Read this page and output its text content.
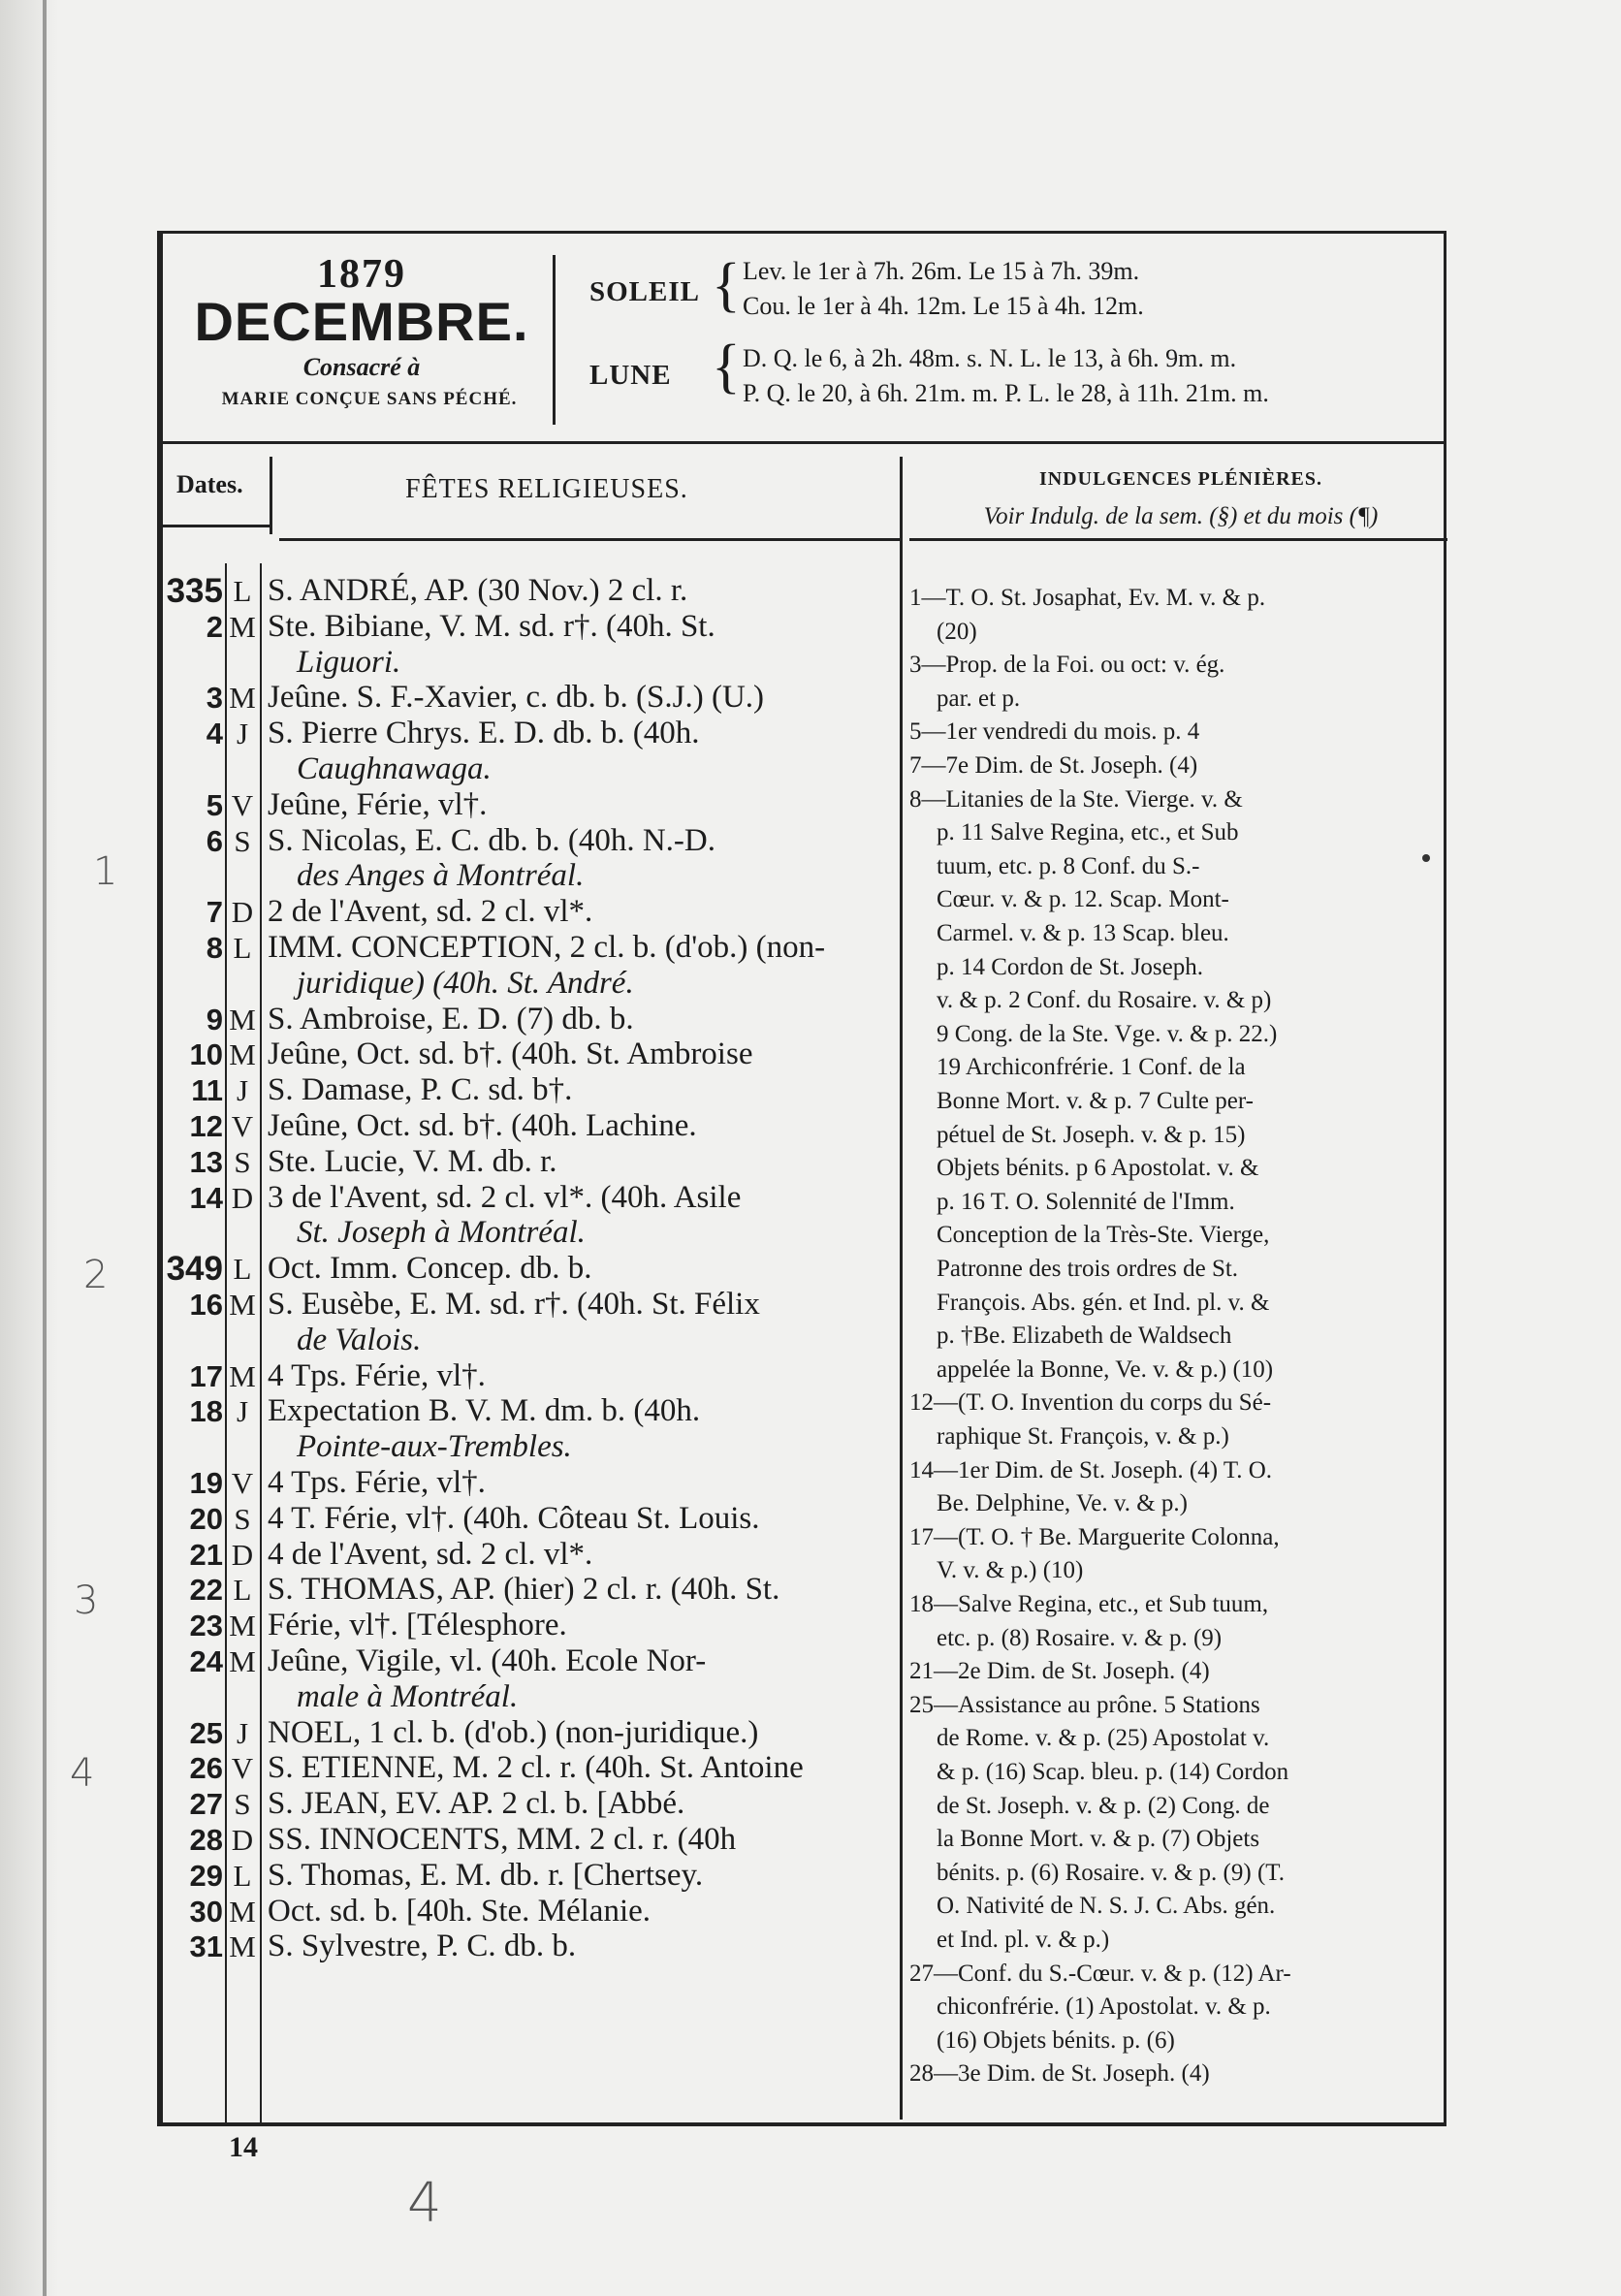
1879
DECEMBRE.
Consacré à
MARIE CONÇUE SANS PÉCHÉ.
SOLEIL { Lev. le 1er à 7h. 26m. Le 15 à 7h. 39m.
Cou. le 1er à 4h. 12m. Le 15 à 4h. 12m.
LUNE { D. Q. le 6, à 2h. 48m. s. N. L. le 13, à 6h. 9m. m.
P. Q. le 20, à 6h. 21m. m. P. L. le 28, à 11h. 21m. m.
Dates.	FÊTES RELIGIEUSES.	INDULGENCES PLÉNIÈRES.
Voir Indulg. de la sem. (§) et du mois (¶)
335 L S. ANDRÉ, AP. (30 Nov.) 2 cl. r.
2 M Ste. Bibiane, V. M. sd. r†. (40h. St.
Liguori.
3 M Jeûne. S. F.-Xavier, c. db. b. (S.J.) (U.)
4 J S. Pierre Chrys. E. D. db. b. (40h.
Caughnawaga.
5 V Jeûne, Férie, vl†.
6 S S. Nicolas, E. C. db. b. (40h. N.-D.
des Anges à Montréal.
7 D 2 de l'Avent, sd. 2 cl. vl*.
8 L IMM. CONCEPTION, 2 cl. b. (d'ob.) (non-
juridique) (40h. St. André.
9 M S. Ambroise, E. D. (7) db. b.
10 M Jeûne, Oct. sd. b†. (40h. St. Ambroise
11 J S. Damase, P. C. sd. b†.
12 V Jeûne, Oct. sd. b†. (40h. Lachine.
13 S Ste. Lucie, V. M. db. r.
14 D 3 de l'Avent, sd. 2 cl. vl*. (40h. Asile
St. Joseph à Montréal.
349 L Oct. Imm. Concep. db. b.
16 M S. Eusèbe, E. M. sd. r†. (40h. St. Félix
de Valois.
17 M 4 Tps. Férie, vl†.
18 J Expectation B. V. M. dm. b. (40h.
Pointe-aux-Trembles.
19 V 4 Tps. Férie, vl†.
20 S 4 T. Férie, vl†. (40h. Côteau St. Louis.
21 D 4 de l'Avent, sd. 2 cl. vl*.
22 L S. THOMAS, AP. (hier) 2 cl. r. (40h. St.
23 M Férie, vl†. [Télesphore.
24 M Jeûne, Vigile, vl. (40h. Ecole Nor-
male à Montréal.
25 J NOEL, 1 cl. b. (d'ob.) (non-juridique.)
26 V S. ETIENNE, M. 2 cl. r. (40h. St. Antoine
27 S S. JEAN, EV. AP. 2 cl. b. [Abbé.
28 D SS. INNOCENTS, MM. 2 cl. r. (40h
29 L S. Thomas, E. M. db. r. [Chertsey.
30 M Oct. sd. b. [40h. Ste. Mélanie.
31 M S. Sylvestre, P. C. db. b.
1—T. O. St. Josaphat, Ev. M. v. & p.
(20)
3—Prop. de la Foi. ou oct: v. ég.
par. et p.
5—1er vendredi du mois. p. 4
7—7e Dim. de St. Joseph. (4)
8—Litanies de la Ste. Vierge. v. &
p. 11 Salve Regina, etc., et Sub
tuum, etc. p. 8 Conf. du S.-
Cœur. v. & p. 12. Scap. Mont-
Carmel. v. & p. 13 Scap. bleu.
p. 14 Cordon de St. Joseph.
v. & p. 2 Conf. du Rosaire. v. & p)
9 Cong. de la Ste. Vge. v. & p. 22.)
19 Archiconfrérie. 1 Conf. de la
Bonne Mort. v. & p. 7 Culte per-
pétuel de St. Joseph. v. & p. 15)
Objets bénits. p 6 Apostolat. v. &
p. 16 T. O. Solennité de l'Imm.
Conception de la Très-Ste. Vierge,
Patronne des trois ordres de St.
François. Abs. gén. et Ind. pl. v. &
p. †Be. Elizabeth de Waldsech
appelée la Bonne, Ve. v. & p.) (10)
12—(T. O. Invention du corps du Sé-
raphique St. François, v. & p.)
14—1er Dim. de St. Joseph. (4) T. O.
Be. Delphine, Ve. v. & p.)
17—(T. O. † Be. Marguerite Colonna,
V. v. & p.) (10)
18—Salve Regina, etc., et Sub tuum,
etc. p. (8) Rosaire. v. & p. (9)
21—2e Dim. de St. Joseph. (4)
25—Assistance au prône. 5 Stations
de Rome. v. & p. (25) Apostolat v.
& p. (16) Scap. bleu. p. (14) Cordon
de St. Joseph. v. & p. (2) Cong. de
la Bonne Mort. v. & p. (7) Objets
bénits. p. (6) Rosaire. v. & p. (9) (T.
O. Nativité de N. S. J. C. Abs. gén.
et Ind. pl. v. & p.)
27—Conf. du S.-Cœur. v. & p. (12) Ar-
chiconfrérie. (1) Apostolat. v. & p.
(16) Objets bénits. p. (6)
28—3e Dim. de St. Joseph. (4)
14
1
2
3
4
4
